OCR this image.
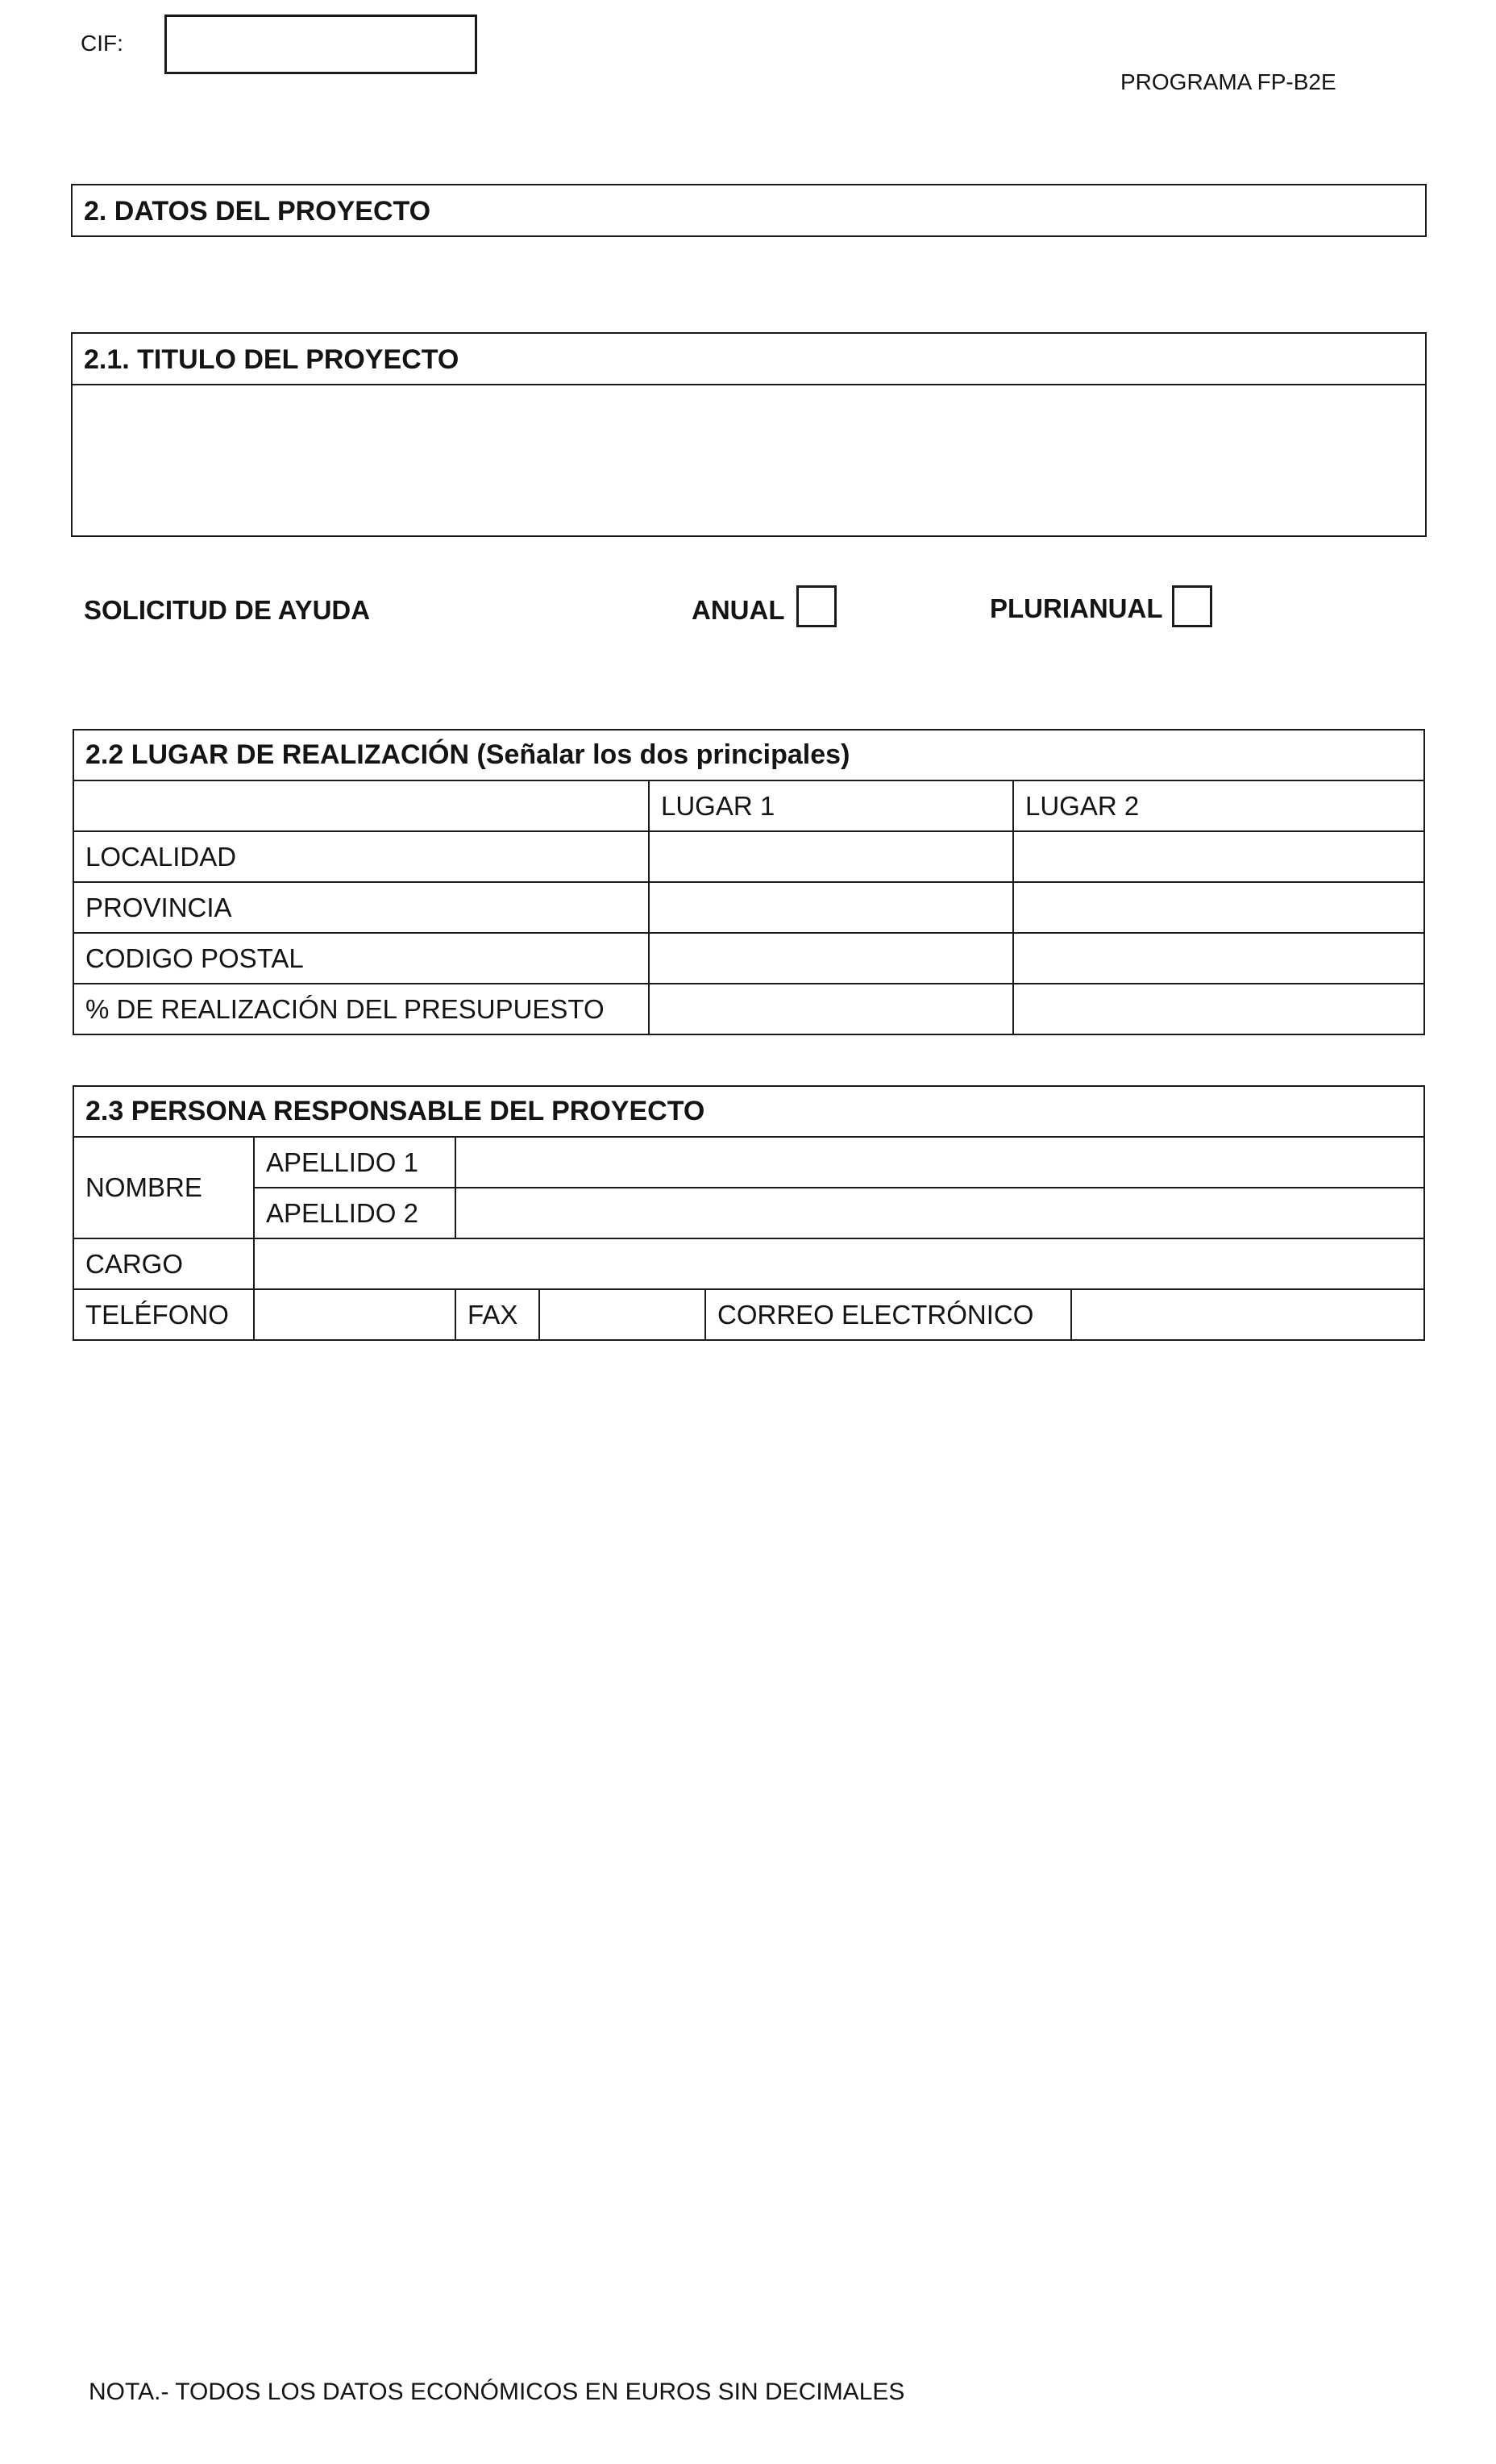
CIF:
PROGRAMA FP-B2E
2. DATOS DEL PROYECTO
2.1. TITULO DEL PROYECTO
SOLICITUD DE AYUDA	ANUAL	PLURIANUAL
2.2 LUGAR DE REALIZACIÓN (Señalar los dos principales)		
	LUGAR 1	LUGAR 2
LOCALIDAD		
PROVINCIA		
CODIGO POSTAL		
% DE REALIZACIÓN DEL PRESUPUESTO		
2.3 PERSONA RESPONSABLE DEL PROYECTO					
NOMBRE	APELLIDO 1				
	APELLIDO 2				
CARGO					
TELÉFONO		FAX		CORREO ELECTRÓNICO	
NOTA.- TODOS LOS DATOS ECONÓMICOS EN EUROS SIN DECIMALES
